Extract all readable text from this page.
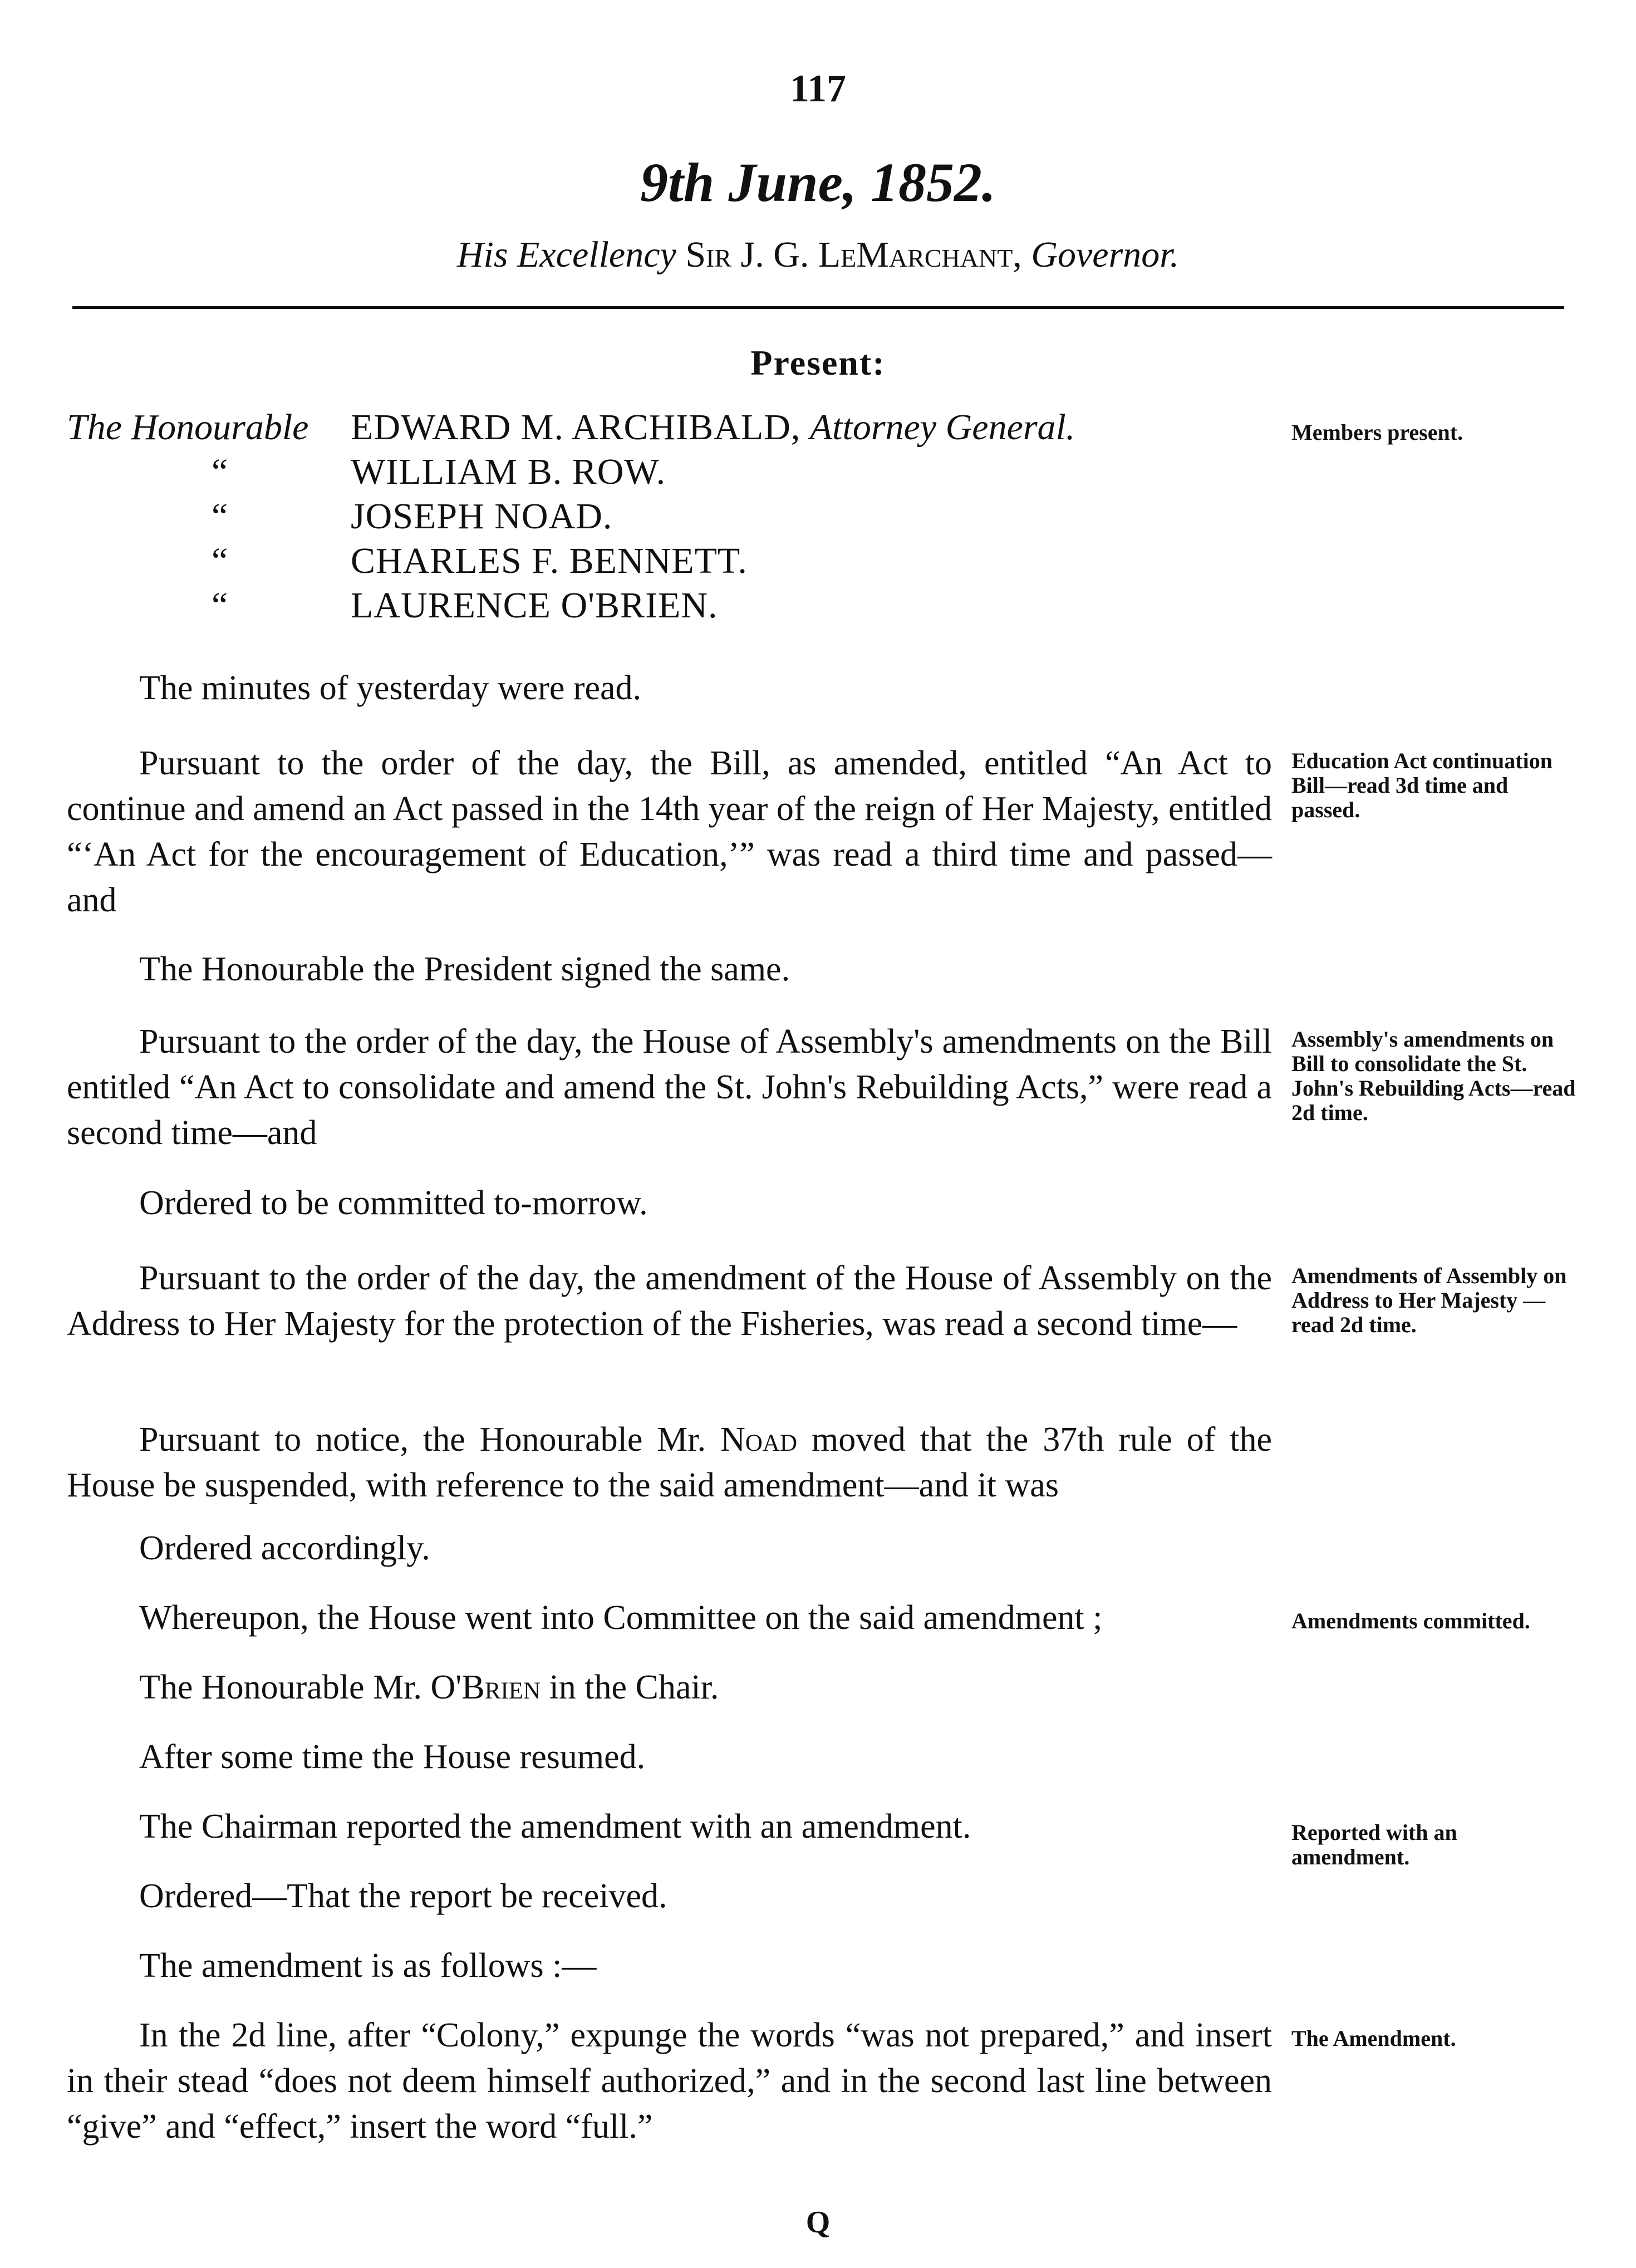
117
9th June, 1852.
His Excellency Sir J. G. LeMarchant, Governor.
Present:
The Honourable EDWARD M. ARCHIBALD, Attorney General.
“	WILLIAM B. ROW.
“	JOSEPH NOAD.
“	CHARLES F. BENNETT.
“	LAURENCE O'BRIEN.
Members present.
The minutes of yesterday were read.
Pursuant to the order of the day, the Bill, as amended, entitled “An Act to continue and amend an Act passed in the 14th year of the reign of Her Majesty, entitled “‘An Act for the encouragement of Education,’” was read a third time and passed—and
Education Act continuation Bill—read 3d time and passed.
The Honourable the President signed the same.
Pursuant to the order of the day, the House of Assembly's amendments on the Bill entitled “An Act to consolidate and amend the St. John's Rebuilding Acts,” were read a second time—and
Assembly's amendments on Bill to consolidate the St. John's Rebuilding Acts—read 2d time.
Ordered to be committed to-morrow.
Pursuant to the order of the day, the amendment of the House of Assembly on the Address to Her Majesty for the protection of the Fisheries, was read a second time—
Amendments of Assembly on Address to Her Majesty —read 2d time.
Pursuant to notice, the Honourable Mr. Noad moved that the 37th rule of the House be suspended, with reference to the said amendment—and it was
Ordered accordingly.
Whereupon, the House went into Committee on the said amendment ;	Amendments committed.
The Honourable Mr. O'Brien in the Chair.
After some time the House resumed.
The Chairman reported the amendment with an amendment.	Reported with an amendment.
Ordered—That the report be received.
The amendment is as follows :—
In the 2d line, after “Colony,” expunge the words “was not prepared,” and insert in their stead “does not deem himself authorized,” and in the second last line between “give” and “effect,” insert the word “full.”
The Amendment.
Q
